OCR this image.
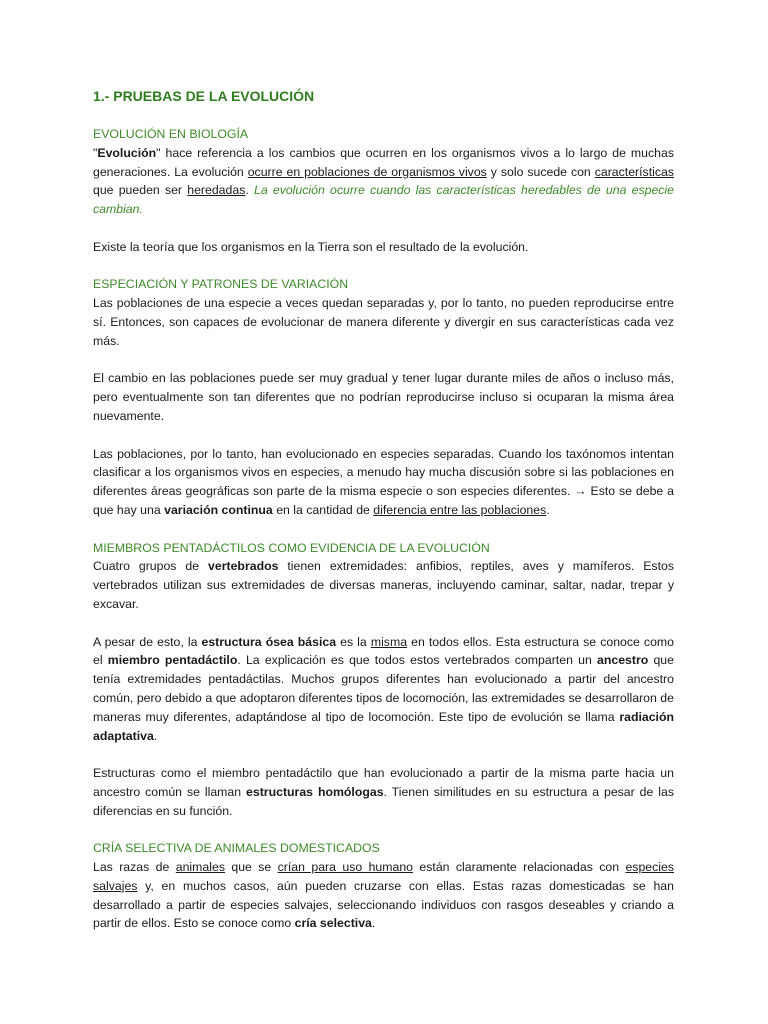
1.- PRUEBAS DE LA EVOLUCIÓN
EVOLUCIÓN EN BIOLOGÍA

"Evolución" hace referencia a los cambios que ocurren en los organismos vivos a lo largo de muchas generaciones. La evolución ocurre en poblaciones de organismos vivos y solo sucede con características que pueden ser heredadas. La evolución ocurre cuando las características heredables de una especie cambian.

Existe la teoría que los organismos en la Tierra son el resultado de la evolución.

ESPECIACIÓN Y PATRONES DE VARIACIÓN

Las poblaciones de una especie a veces quedan separadas y, por lo tanto, no pueden reproducirse entre sí. Entonces, son capaces de evolucionar de manera diferente y divergir en sus características cada vez más.

El cambio en las poblaciones puede ser muy gradual y tener lugar durante miles de años o incluso más, pero eventualmente son tan diferentes que no podrían reproducirse incluso si ocuparan la misma área nuevamente.

Las poblaciones, por lo tanto, han evolucionado en especies separadas. Cuando los taxónomos intentan clasificar a los organismos vivos en especies, a menudo hay mucha discusión sobre si las poblaciones en diferentes áreas geográficas son parte de la misma especie o son especies diferentes. → Esto se debe a que hay una variación continua en la cantidad de diferencia entre las poblaciones.

MIEMBROS PENTADÁCTILOS COMO EVIDENCIA DE LA EVOLUCIÓN

Cuatro grupos de vertebrados tienen extremidades: anfibios, reptiles, aves y mamíferos. Estos vertebrados utilizan sus extremidades de diversas maneras, incluyendo caminar, saltar, nadar, trepar y excavar.

A pesar de esto, la estructura ósea básica es la misma en todos ellos. Esta estructura se conoce como el miembro pentadáctilo. La explicación es que todos estos vertebrados comparten un ancestro que tenía extremidades pentadáctilas. Muchos grupos diferentes han evolucionado a partir del ancestro común, pero debido a que adoptaron diferentes tipos de locomoción, las extremidades se desarrollaron de maneras muy diferentes, adaptándose al tipo de locomoción. Este tipo de evolución se llama radiación adaptativa.

Estructuras como el miembro pentadáctilo que han evolucionado a partir de la misma parte hacia un ancestro común se llaman estructuras homólogas. Tienen similitudes en su estructura a pesar de las diferencias en su función.

CRÍA SELECTIVA DE ANIMALES DOMESTICADOS

Las razas de animales que se crían para uso humano están claramente relacionadas con especies salvajes y, en muchos casos, aún pueden cruzarse con ellas. Estas razas domesticadas se han desarrollado a partir de especies salvajes, seleccionando individuos con rasgos deseables y criando a partir de ellos. Esto se conoce como cría selectiva.
